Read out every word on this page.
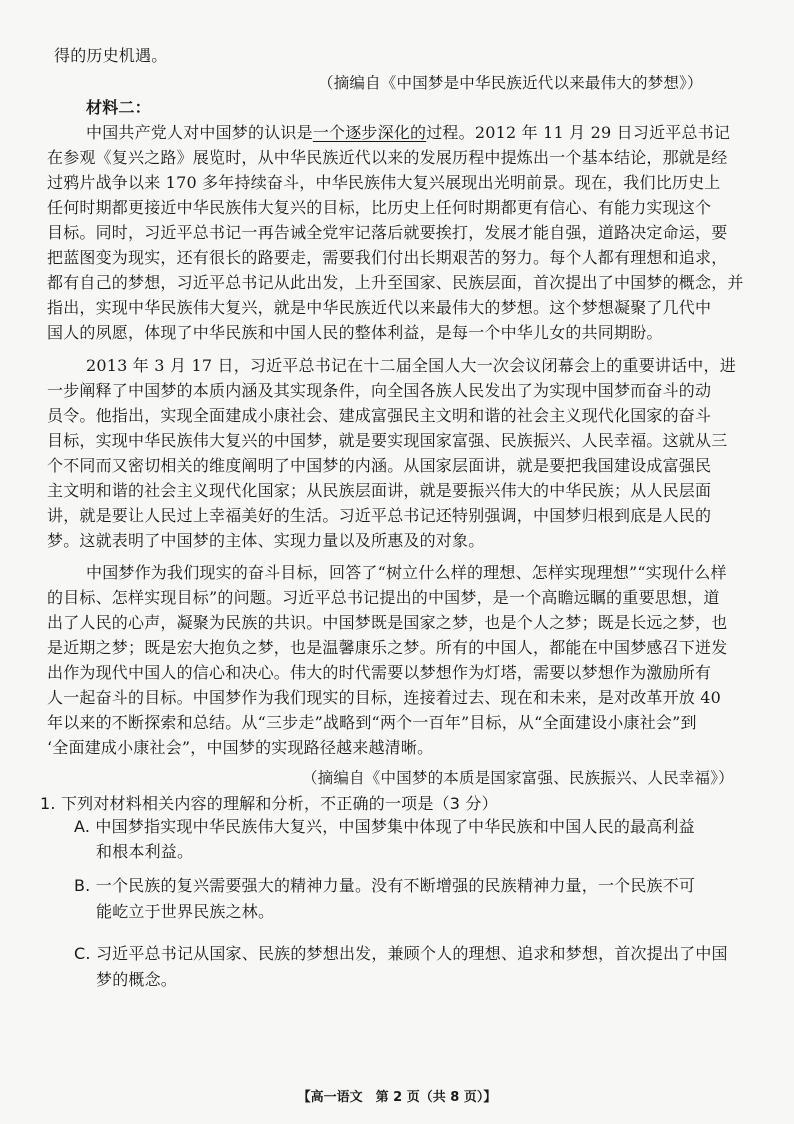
得的历史机遇。
（摘编自《中国梦是中华民族近代以来最伟大的梦想》）
材料二：
中国共产党人对中国梦的认识是一个逐步深化的过程。2012 年 11 月 29 日习近平总书记
在参观《复兴之路》展览时，从中华民族近代以来的发展历程中提炼出一个基本结论，那就是经
过鸦片战争以来 170 多年持续奋斗，中华民族伟大复兴展现出光明前景。现在，我们比历史上
任何时期都更接近中华民族伟大复兴的目标，比历史上任何时期都更有信心、有能力实现这个
目标。同时，习近平总书记一再告诫全党牢记落后就要挨打，发展才能自强，道路决定命运，要
把蓝图变为现实，还有很长的路要走，需要我们付出长期艰苦的努力。每个人都有理想和追求，
都有自己的梦想，习近平总书记从此出发，上升至国家、民族层面，首次提出了中国梦的概念，并
指出，实现中华民族伟大复兴，就是中华民族近代以来最伟大的梦想。这个梦想凝聚了几代中
国人的夙愿，体现了中华民族和中国人民的整体利益，是每一个中华儿女的共同期盼。
2013 年 3 月 17 日，习近平总书记在十二届全国人大一次会议闭幕会上的重要讲话中，进
一步阐释了中国梦的本质内涵及其实现条件，向全国各族人民发出了为实现中国梦而奋斗的动
员令。他指出，实现全面建成小康社会、建成富强民主文明和谐的社会主义现代化国家的奋斗
目标，实现中华民族伟大复兴的中国梦，就是要实现国家富强、民族振兴、人民幸福。这就从三
个不同而又密切相关的维度阐明了中国梦的内涵。从国家层面讲，就是要把我国建设成富强民
主文明和谐的社会主义现代化国家；从民族层面讲，就是要振兴伟大的中华民族；从人民层面
讲，就是要让人民过上幸福美好的生活。习近平总书记还特别强调，中国梦归根到底是人民的
梦。这就表明了中国梦的主体、实现力量以及所惠及的对象。
中国梦作为我们现实的奋斗目标，回答了“树立什么样的理想、怎样实现理想”“实现什么样
的目标、怎样实现目标”的问题。习近平总书记提出的中国梦，是一个高瞻远瞩的重要思想，道
出了人民的心声，凝聚为民族的共识。中国梦既是国家之梦，也是个人之梦；既是长远之梦，也
是近期之梦；既是宏大抱负之梦，也是温馨康乐之梦。所有的中国人，都能在中国梦感召下迸发
出作为现代中国人的信心和决心。伟大的时代需要以梦想作为灯塔，需要以梦想作为激励所有
人一起奋斗的目标。中国梦作为我们现实的目标，连接着过去、现在和未来，是对改革开放 40
年以来的不断探索和总结。从“三步走”战略到“两个一百年”目标，从“全面建设小康社会”到
‘全面建成小康社会”，中国梦的实现路径越来越清晰。
（摘编自《中国梦的本质是国家富强、民族振兴、人民幸福》）
1. 下列对材料相关内容的理解和分析，不正确的一项是（3 分）
A. 中国梦指实现中华民族伟大复兴，中国梦集中体现了中华民族和中国人民的最高利益
和根本利益。
B. 一个民族的复兴需要强大的精神力量。没有不断增强的民族精神力量，一个民族不可
能屹立于世界民族之林。
C. 习近平总书记从国家、民族的梦想出发，兼顾个人的理想、追求和梦想，首次提出了中国
梦的概念。
【高一语文　第 2 页（共 8 页）】
